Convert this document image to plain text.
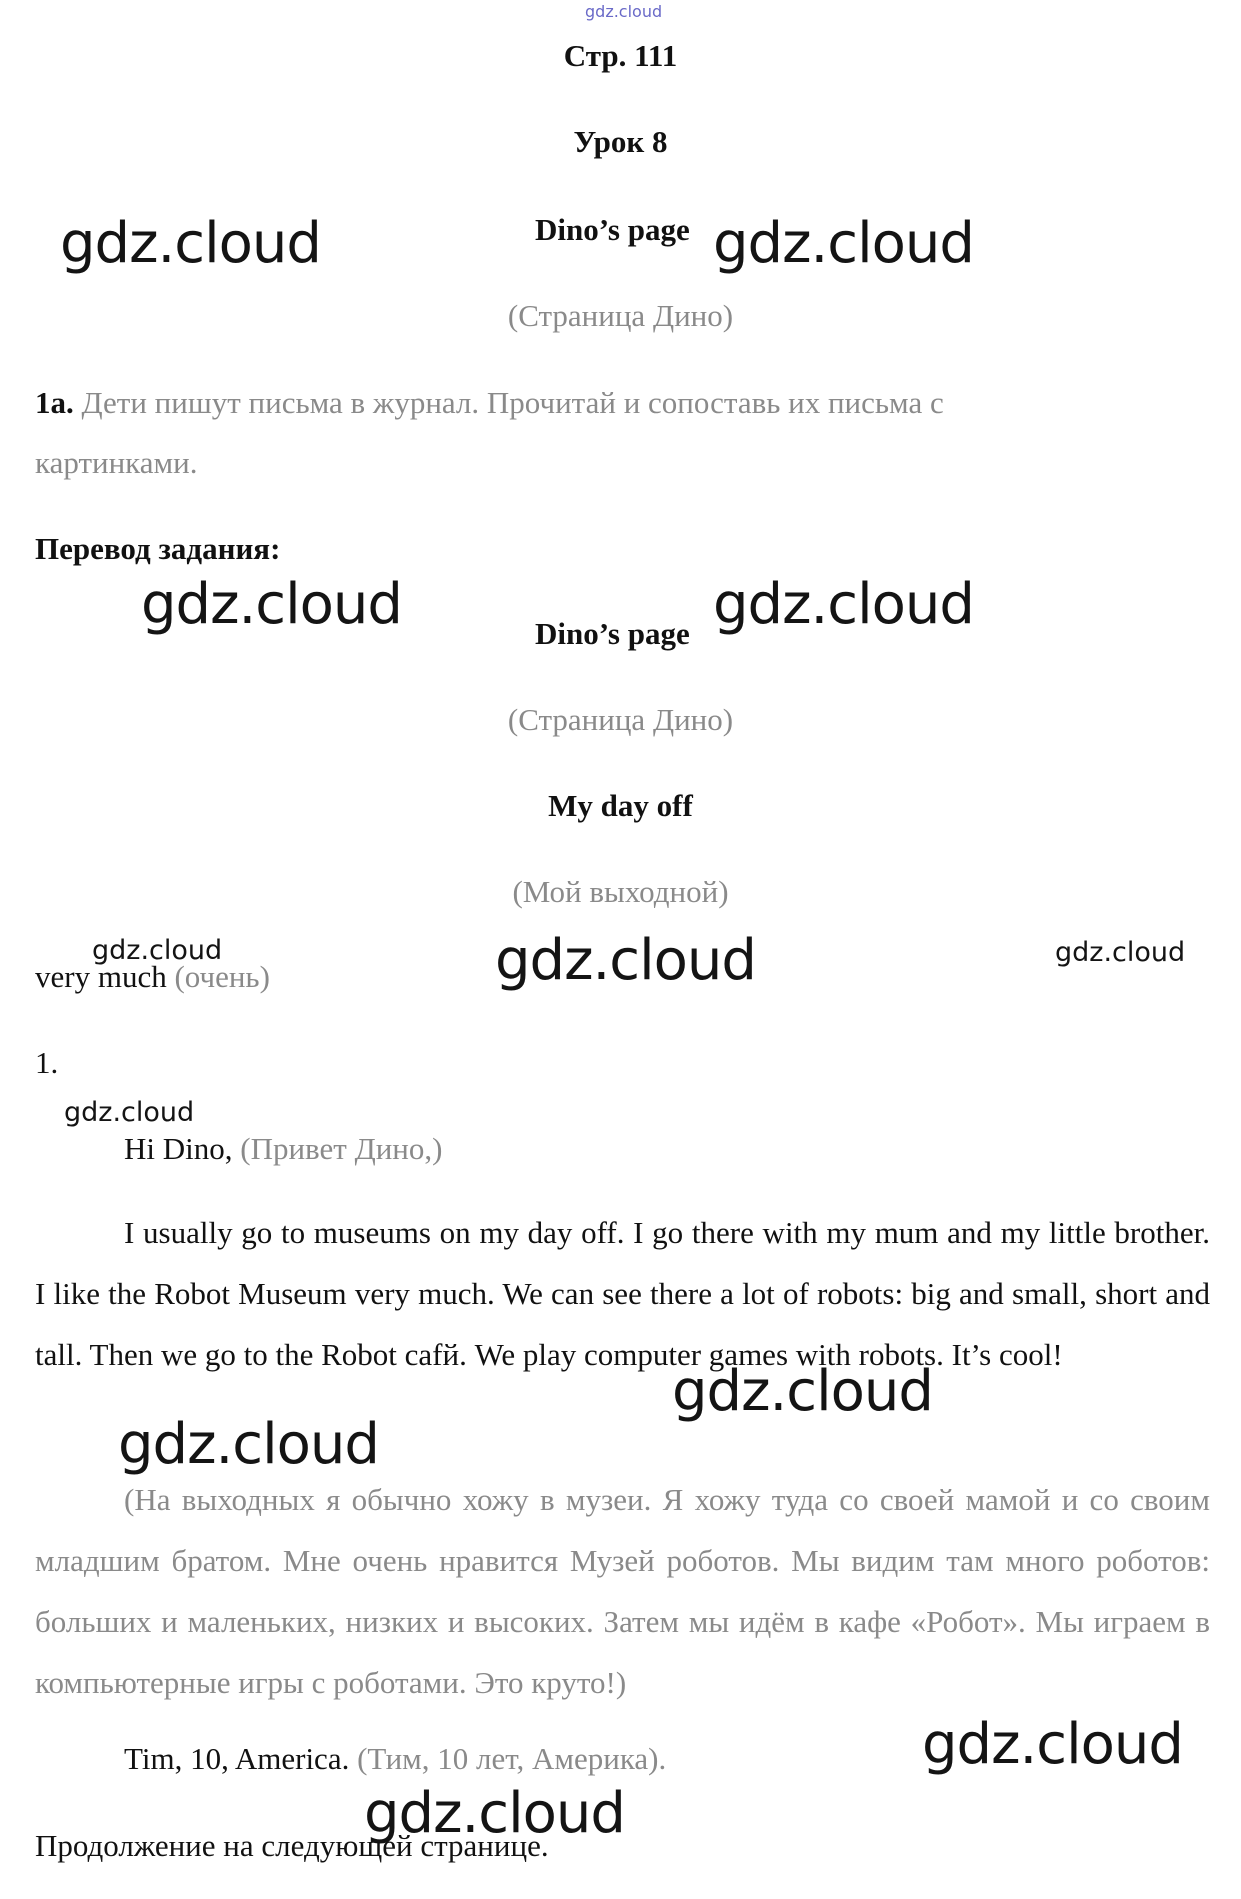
gdz.cloud
Стр. 111
Урок 8
Dino’s page
(Страница Дино)
gdz.cloud	gdz.cloud
1a. Дети пишут письма в журнал. Прочитай и сопоставь их письма с
картинками.
Перевод задания:
gdz.cloud	gdz.cloud
Dino’s page
(Страница Дино)
My day off
(Мой выходной)
gdz.cloud	gdz.cloud	gdz.cloud
very much (очень)
1.
gdz.cloud
Hi Dino, (Привет Дино,)
I usually go to museums on my day off. I go there with my mum and my little brother. I like the Robot Museum very much. We can see there a lot of robots: big and small, short and tall. Then we go to the Robot cafй. We play computer games with robots. It’s cool!
gdz.cloud
gdz.cloud
(На выходных я обычно хожу в музеи. Я хожу туда со своей мамой и со своим младшим братом. Мне очень нравится Музей роботов. Мы видим там много роботов: больших и маленьких, низких и высоких. Затем мы идём в кафе «Робот». Мы играем в компьютерные игры с роботами. Это круто!)
Tim, 10, America. (Тим, 10 лет, Америка).	gdz.cloud
gdz.cloud
Продолжение на следующей странице.
